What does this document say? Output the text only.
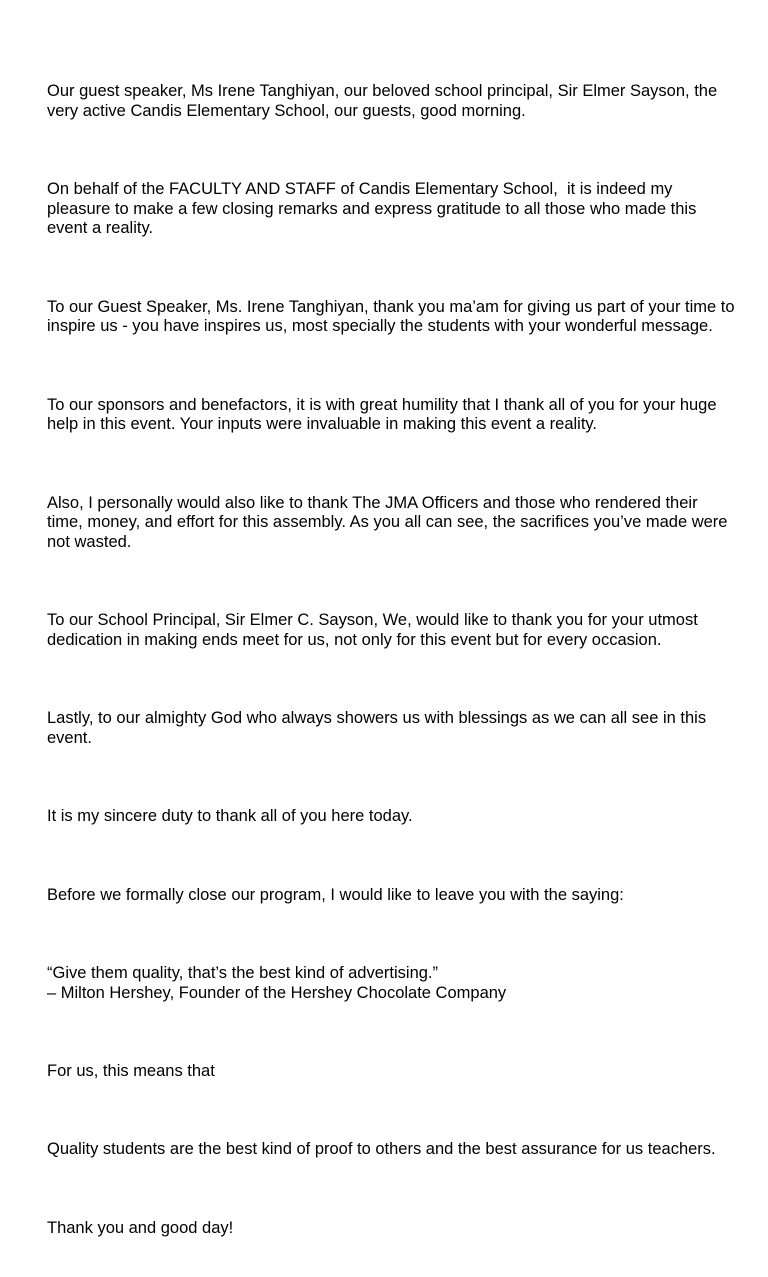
Our guest speaker, Ms Irene Tanghiyan, our beloved school principal, Sir Elmer Sayson, the very active Candis Elementary School, our guests, good morning.

On behalf of the FACULTY AND STAFF of Candis Elementary School,  it is indeed my pleasure to make a few closing remarks and express gratitude to all those who made this event a reality.

To our Guest Speaker, Ms. Irene Tanghiyan, thank you ma’am for giving us part of your time to inspire us - you have inspires us, most specially the students with your wonderful message.

To our sponsors and benefactors, it is with great humility that I thank all of you for your huge help in this event. Your inputs were invaluable in making this event a reality.

Also, I personally would also like to thank The JMA Officers and those who rendered their time, money, and effort for this assembly. As you all can see, the sacrifices you’ve made were not wasted.

To our School Principal, Sir Elmer C. Sayson, We, would like to thank you for your utmost dedication in making ends meet for us, not only for this event but for every occasion.

Lastly, to our almighty God who always showers us with blessings as we can all see in this event.

It is my sincere duty to thank all of you here today.

Before we formally close our program, I would like to leave you with the saying:

“Give them quality, that’s the best kind of advertising.”
– Milton Hershey, Founder of the Hershey Chocolate Company

For us, this means that

Quality students are the best kind of proof to others and the best assurance for us teachers.

Thank you and good day!
